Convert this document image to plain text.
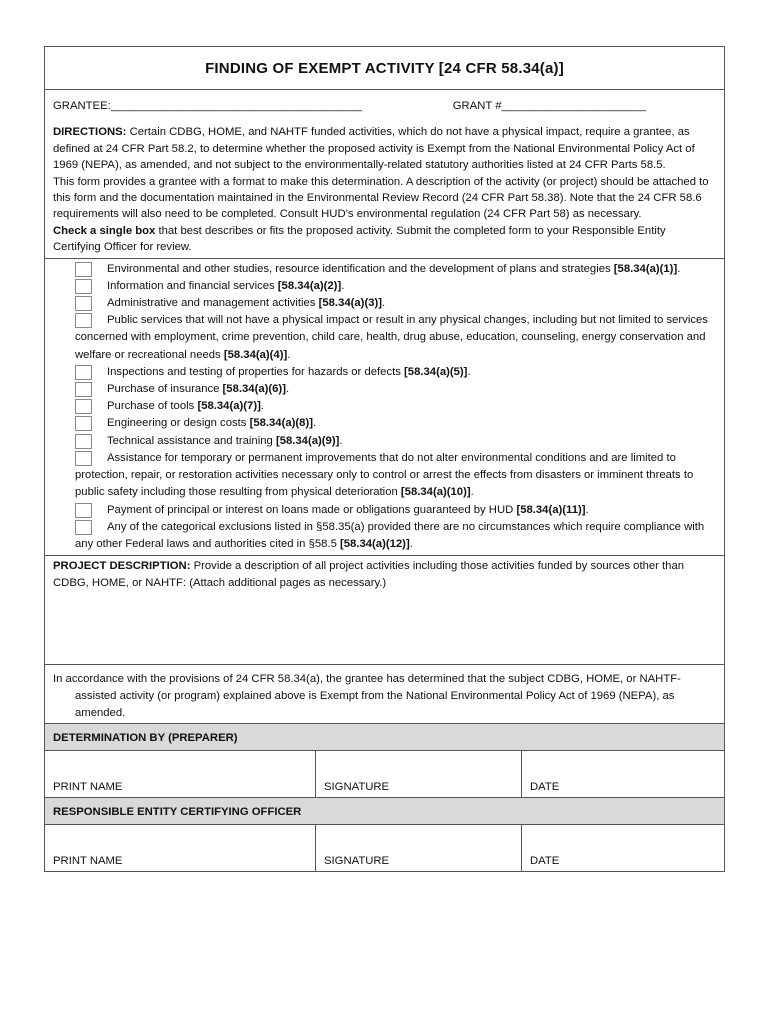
FINDING OF EXEMPT ACTIVITY [24 CFR 58.34(a)]
GRANTEE:________________________________________	GRANT #_______________________

DIRECTIONS: Certain CDBG, HOME, and NAHTF funded activities, which do not have a physical impact, require a grantee, as defined at 24 CFR Part 58.2, to determine whether the proposed activity is Exempt from the National Environmental Policy Act of 1969 (NEPA), as amended, and not subject to the environmentally-related statutory authorities listed at 24 CFR Parts 58.5.

This form provides a grantee with a format to make this determination. A description of the activity (or project) should be attached to this form and the documentation maintained in the Environmental Review Record (24 CFR Part 58.38). Note that the 24 CFR 58.6 requirements will also need to be completed. Consult HUD’s environmental regulation (24 CFR Part 58) as necessary.

Check a single box that best describes or fits the proposed activity. Submit the completed form to your Responsible Entity Certifying Officer for review.

Environmental and other studies, resource identification and the development of plans and strategies [58.34(a)(1)].
Information and financial services [58.34(a)(2)].
Administrative and management activities [58.34(a)(3)].
Public services that will not have a physical impact or result in any physical changes, including but not limited to services concerned with employment, crime prevention, child care, health, drug abuse, education, counseling, energy conservation and welfare or recreational needs [58.34(a)(4)].
Inspections and testing of properties for hazards or defects [58.34(a)(5)].
Purchase of insurance [58.34(a)(6)].
Purchase of tools [58.34(a)(7)].
Engineering or design costs [58.34(a)(8)].
Technical assistance and training [58.34(a)(9)].
Assistance for temporary or permanent improvements that do not alter environmental conditions and are limited to protection, repair, or restoration activities necessary only to control or arrest the effects from disasters or imminent threats to public safety including those resulting from physical deterioration [58.34(a)(10)].
Payment of principal or interest on loans made or obligations guaranteed by HUD [58.34(a)(11)].
Any of the categorical exclusions listed in §58.35(a) provided there are no circumstances which require compliance with any other Federal laws and authorities cited in §58.5 [58.34(a)(12)].
PROJECT DESCRIPTION: Provide a description of all project activities including those activities funded by sources other than CDBG, HOME, or NAHTF: (Attach additional pages as necessary.)
In accordance with the provisions of 24 CFR 58.34(a), the grantee has determined that the subject CDBG, HOME, or NAHTF-assisted activity (or program) explained above is Exempt from the National Environmental Policy Act of 1969 (NEPA), as amended.
DETERMINATION BY (PREPARER)
PRINT NAME	SIGNATURE	DATE
RESPONSIBLE ENTITY CERTIFYING OFFICER
PRINT NAME	SIGNATURE	DATE
